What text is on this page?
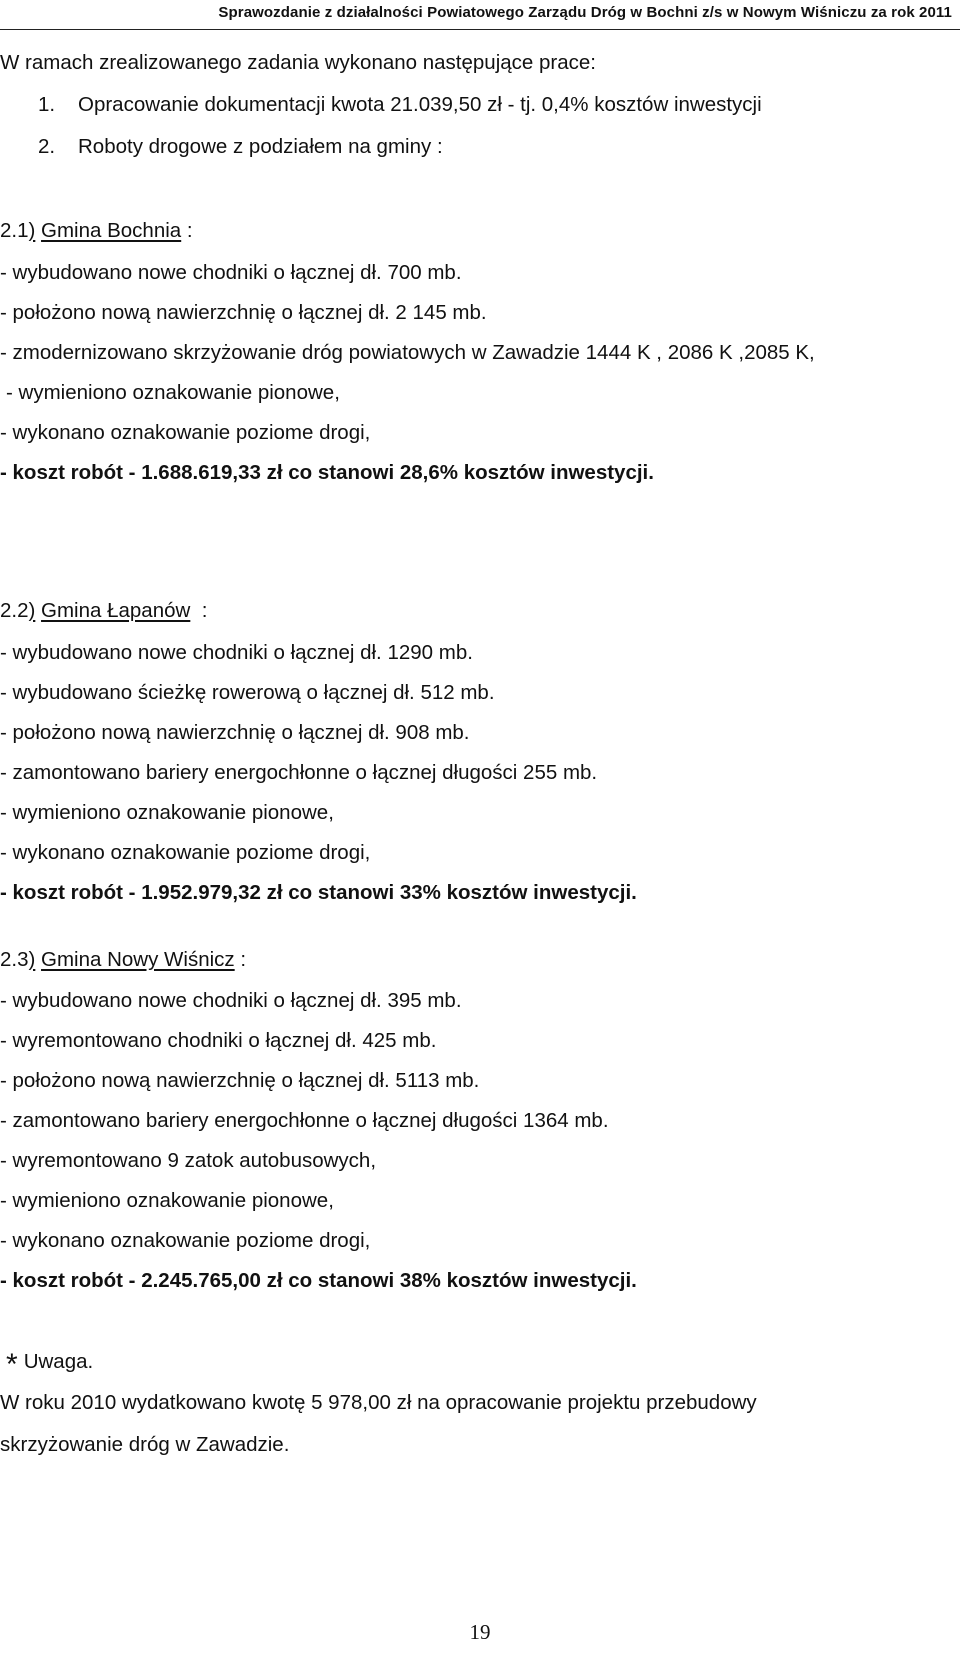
Sprawozdanie z działalności Powiatowego Zarządu Dróg w Bochni z/s w Nowym Wiśniczu za rok 2011
W ramach zrealizowanego zadania wykonano następujące prace:
1. Opracowanie dokumentacji kwota 21.039,50 zł - tj. 0,4% kosztów inwestycji
2. Roboty drogowe z podziałem na gminy :
2.1) Gmina Bochnia :
- wybudowano nowe chodniki o łącznej dł. 700 mb.
- położono nową nawierzchnię o łącznej dł. 2 145 mb.
- zmodernizowano skrzyżowanie dróg powiatowych w Zawadzie 1444 K , 2086 K ,2085 K,
- wymieniono oznakowanie pionowe,
- wykonano oznakowanie poziome drogi,
- koszt robót - 1.688.619,33 zł co stanowi 28,6% kosztów inwestycji.
2.2) Gmina Łapanów  :
- wybudowano nowe chodniki o łącznej dł. 1290 mb.
- wybudowano ścieżkę rowerową o łącznej dł. 512 mb.
- położono nową nawierzchnię o łącznej dł. 908 mb.
- zamontowano bariery energochłonne o łącznej długości 255 mb.
- wymieniono oznakowanie pionowe,
- wykonano oznakowanie poziome drogi,
- koszt robót - 1.952.979,32 zł co stanowi 33% kosztów inwestycji.
2.3) Gmina Nowy Wiśnicz :
- wybudowano nowe chodniki o łącznej dł. 395 mb.
- wyremontowano chodniki o łącznej dł. 425 mb.
- położono nową nawierzchnię o łącznej dł. 5113 mb.
- zamontowano bariery energochłonne o łącznej długości 1364 mb.
- wyremontowano 9 zatok autobusowych,
- wymieniono oznakowanie pionowe,
- wykonano oznakowanie poziome drogi,
- koszt robót - 2.245.765,00 zł co stanowi 38% kosztów inwestycji.
* Uwaga.
W roku 2010 wydatkowano kwotę 5 978,00 zł na opracowanie projektu przebudowy
skrzyżowanie dróg w Zawadzie.
19
